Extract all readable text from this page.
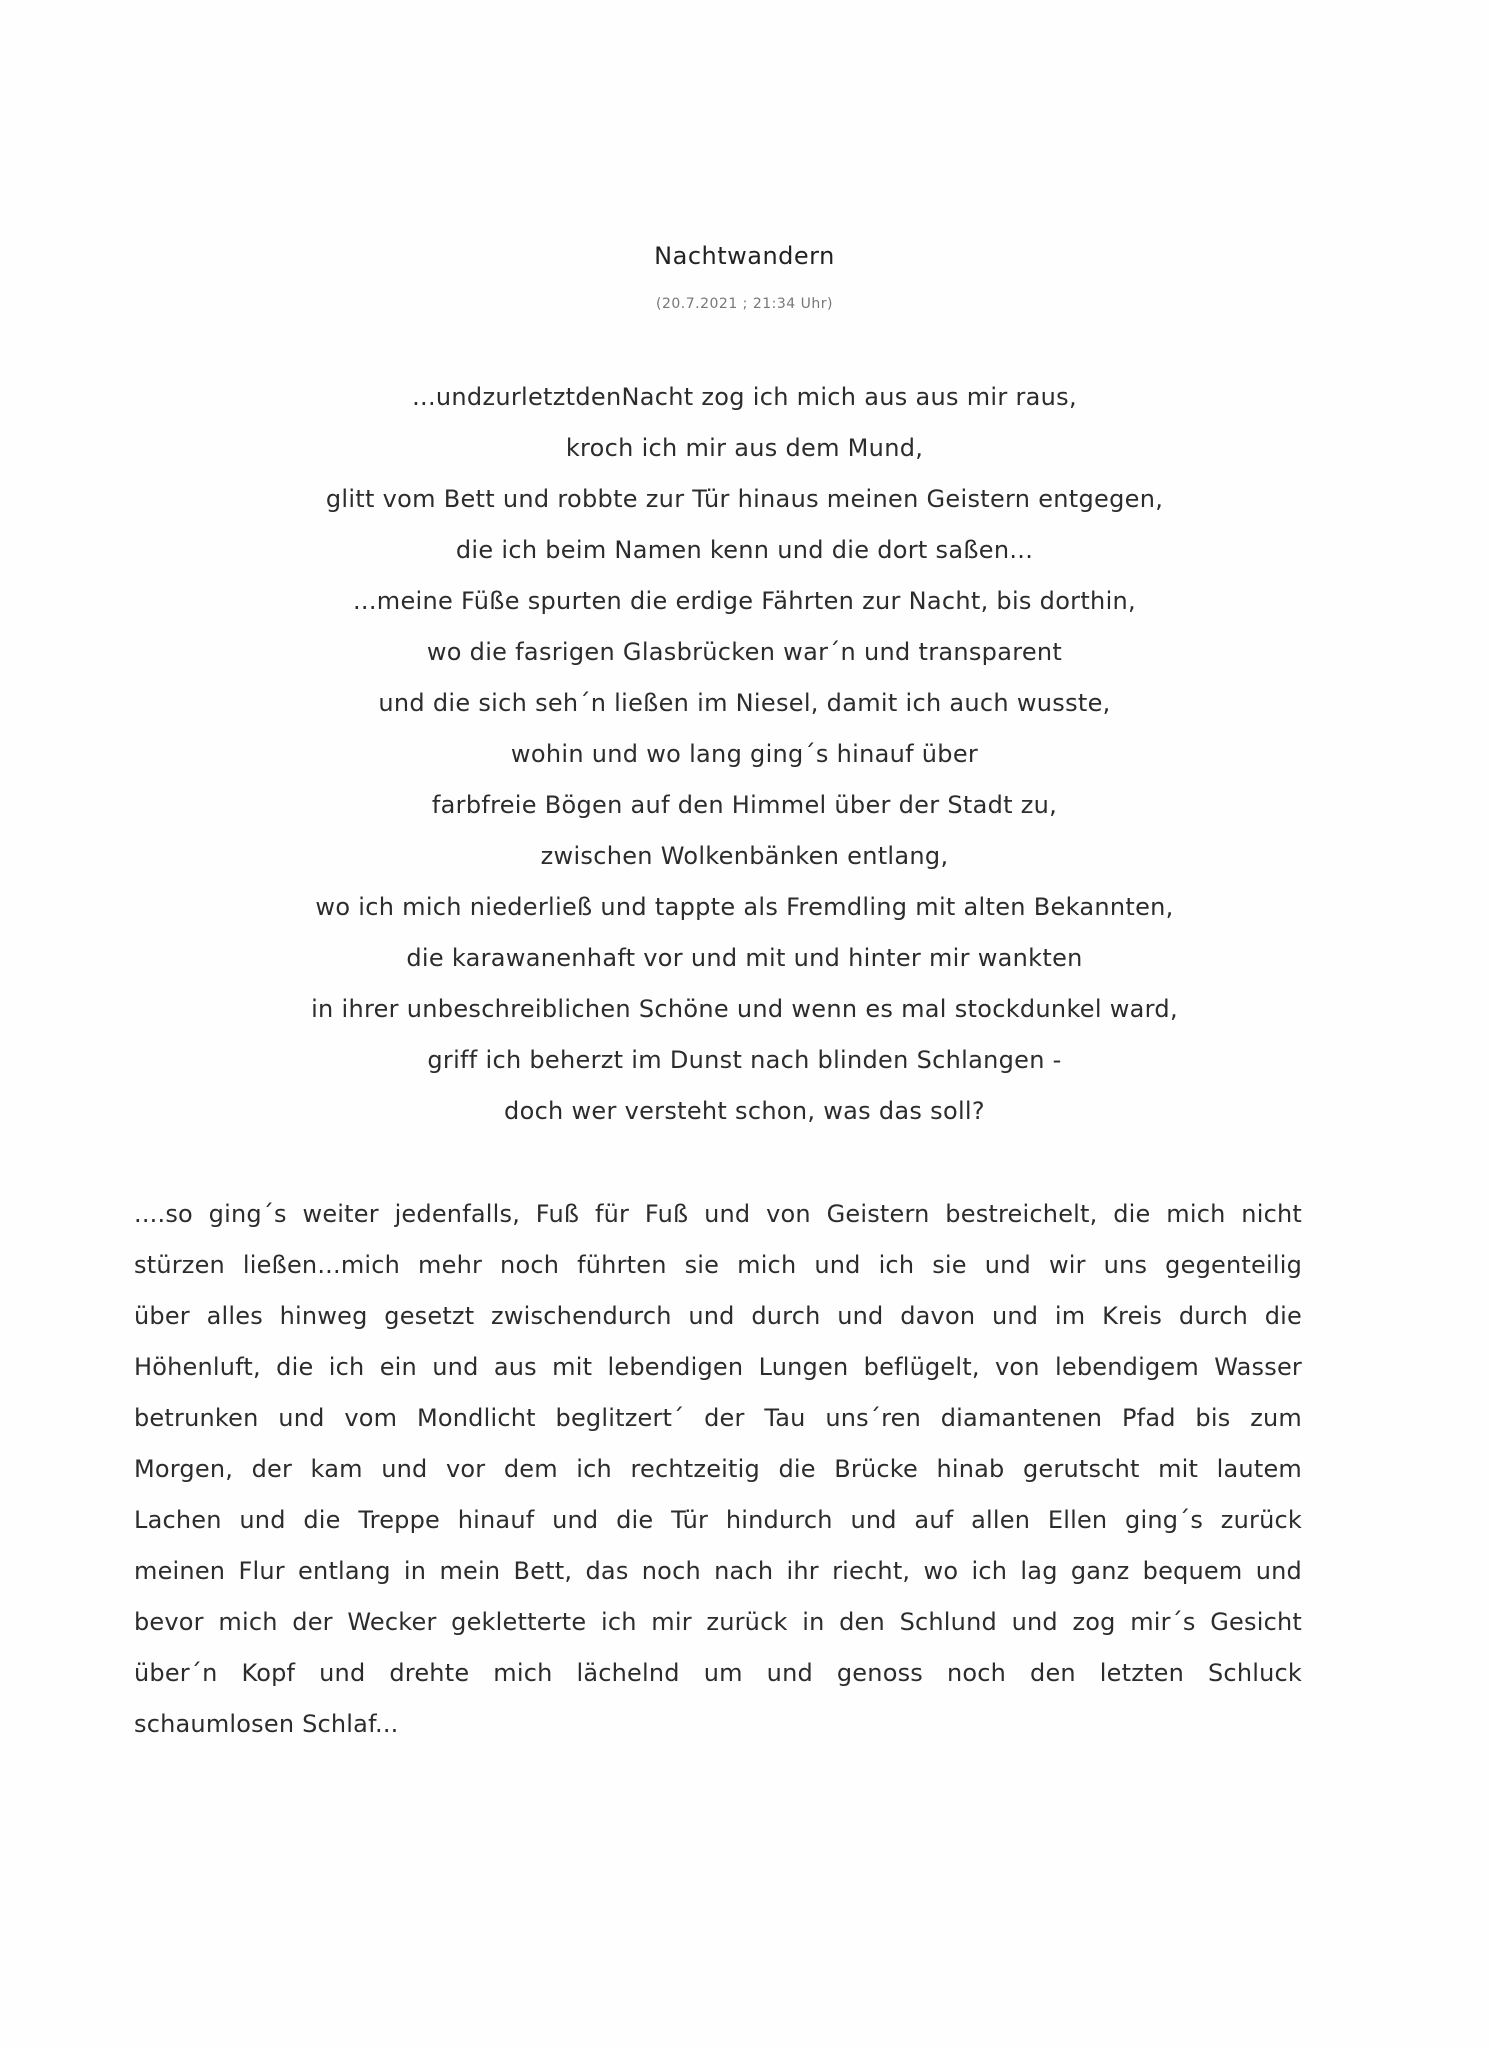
Nachtwandern
(20.7.2021 ; 21:34 Uhr)
...undzurletztdenNacht zog ich mich aus aus mir raus,
kroch ich mir aus dem Mund,
glitt vom Bett und robbte zur Tür hinaus meinen Geistern entgegen,
die ich beim Namen kenn und die dort saßen...
...meine Füße spurten die erdige Fährten zur Nacht, bis dorthin,
wo die fasrigen Glasbrücken war´n und transparent
und die sich seh´n ließen im Niesel, damit ich auch wusste,
wohin und wo lang ging´s hinauf über
farbfreie Bögen auf den Himmel über der Stadt zu,
zwischen Wolkenbänken entlang,
wo ich mich niederließ und tappte als Fremdling mit alten Bekannten,
die karawanenhaft vor und mit und hinter mir wankten
in ihrer unbeschreiblichen Schöne und wenn es mal stockdunkel ward,
griff ich beherzt im Dunst nach blinden Schlangen -
doch wer versteht schon, was das soll?
....so ging´s weiter jedenfalls, Fuß für Fuß und von Geistern bestreichelt, die mich nicht
stürzen ließen...mich mehr noch führten sie mich und ich sie und wir uns gegenteilig
über alles hinweg gesetzt zwischendurch und durch und davon und im Kreis durch die
Höhenluft, die ich ein und aus mit lebendigen Lungen beflügelt, von lebendigem Wasser
betrunken und vom Mondlicht beglitzert´ der Tau uns´ren diamantenen Pfad bis zum
Morgen, der kam und vor dem ich rechtzeitig die Brücke hinab gerutscht mit lautem
Lachen und die Treppe hinauf und die Tür hindurch und auf allen Ellen ging´s zurück
meinen Flur entlang in mein Bett, das noch nach ihr riecht, wo ich lag ganz bequem und
bevor mich der Wecker gekletterte ich mir zurück in den Schlund und zog mir´s Gesicht
über´n Kopf und drehte mich lächelnd um und genoss noch den letzten Schluck
schaumlosen Schlaf...
